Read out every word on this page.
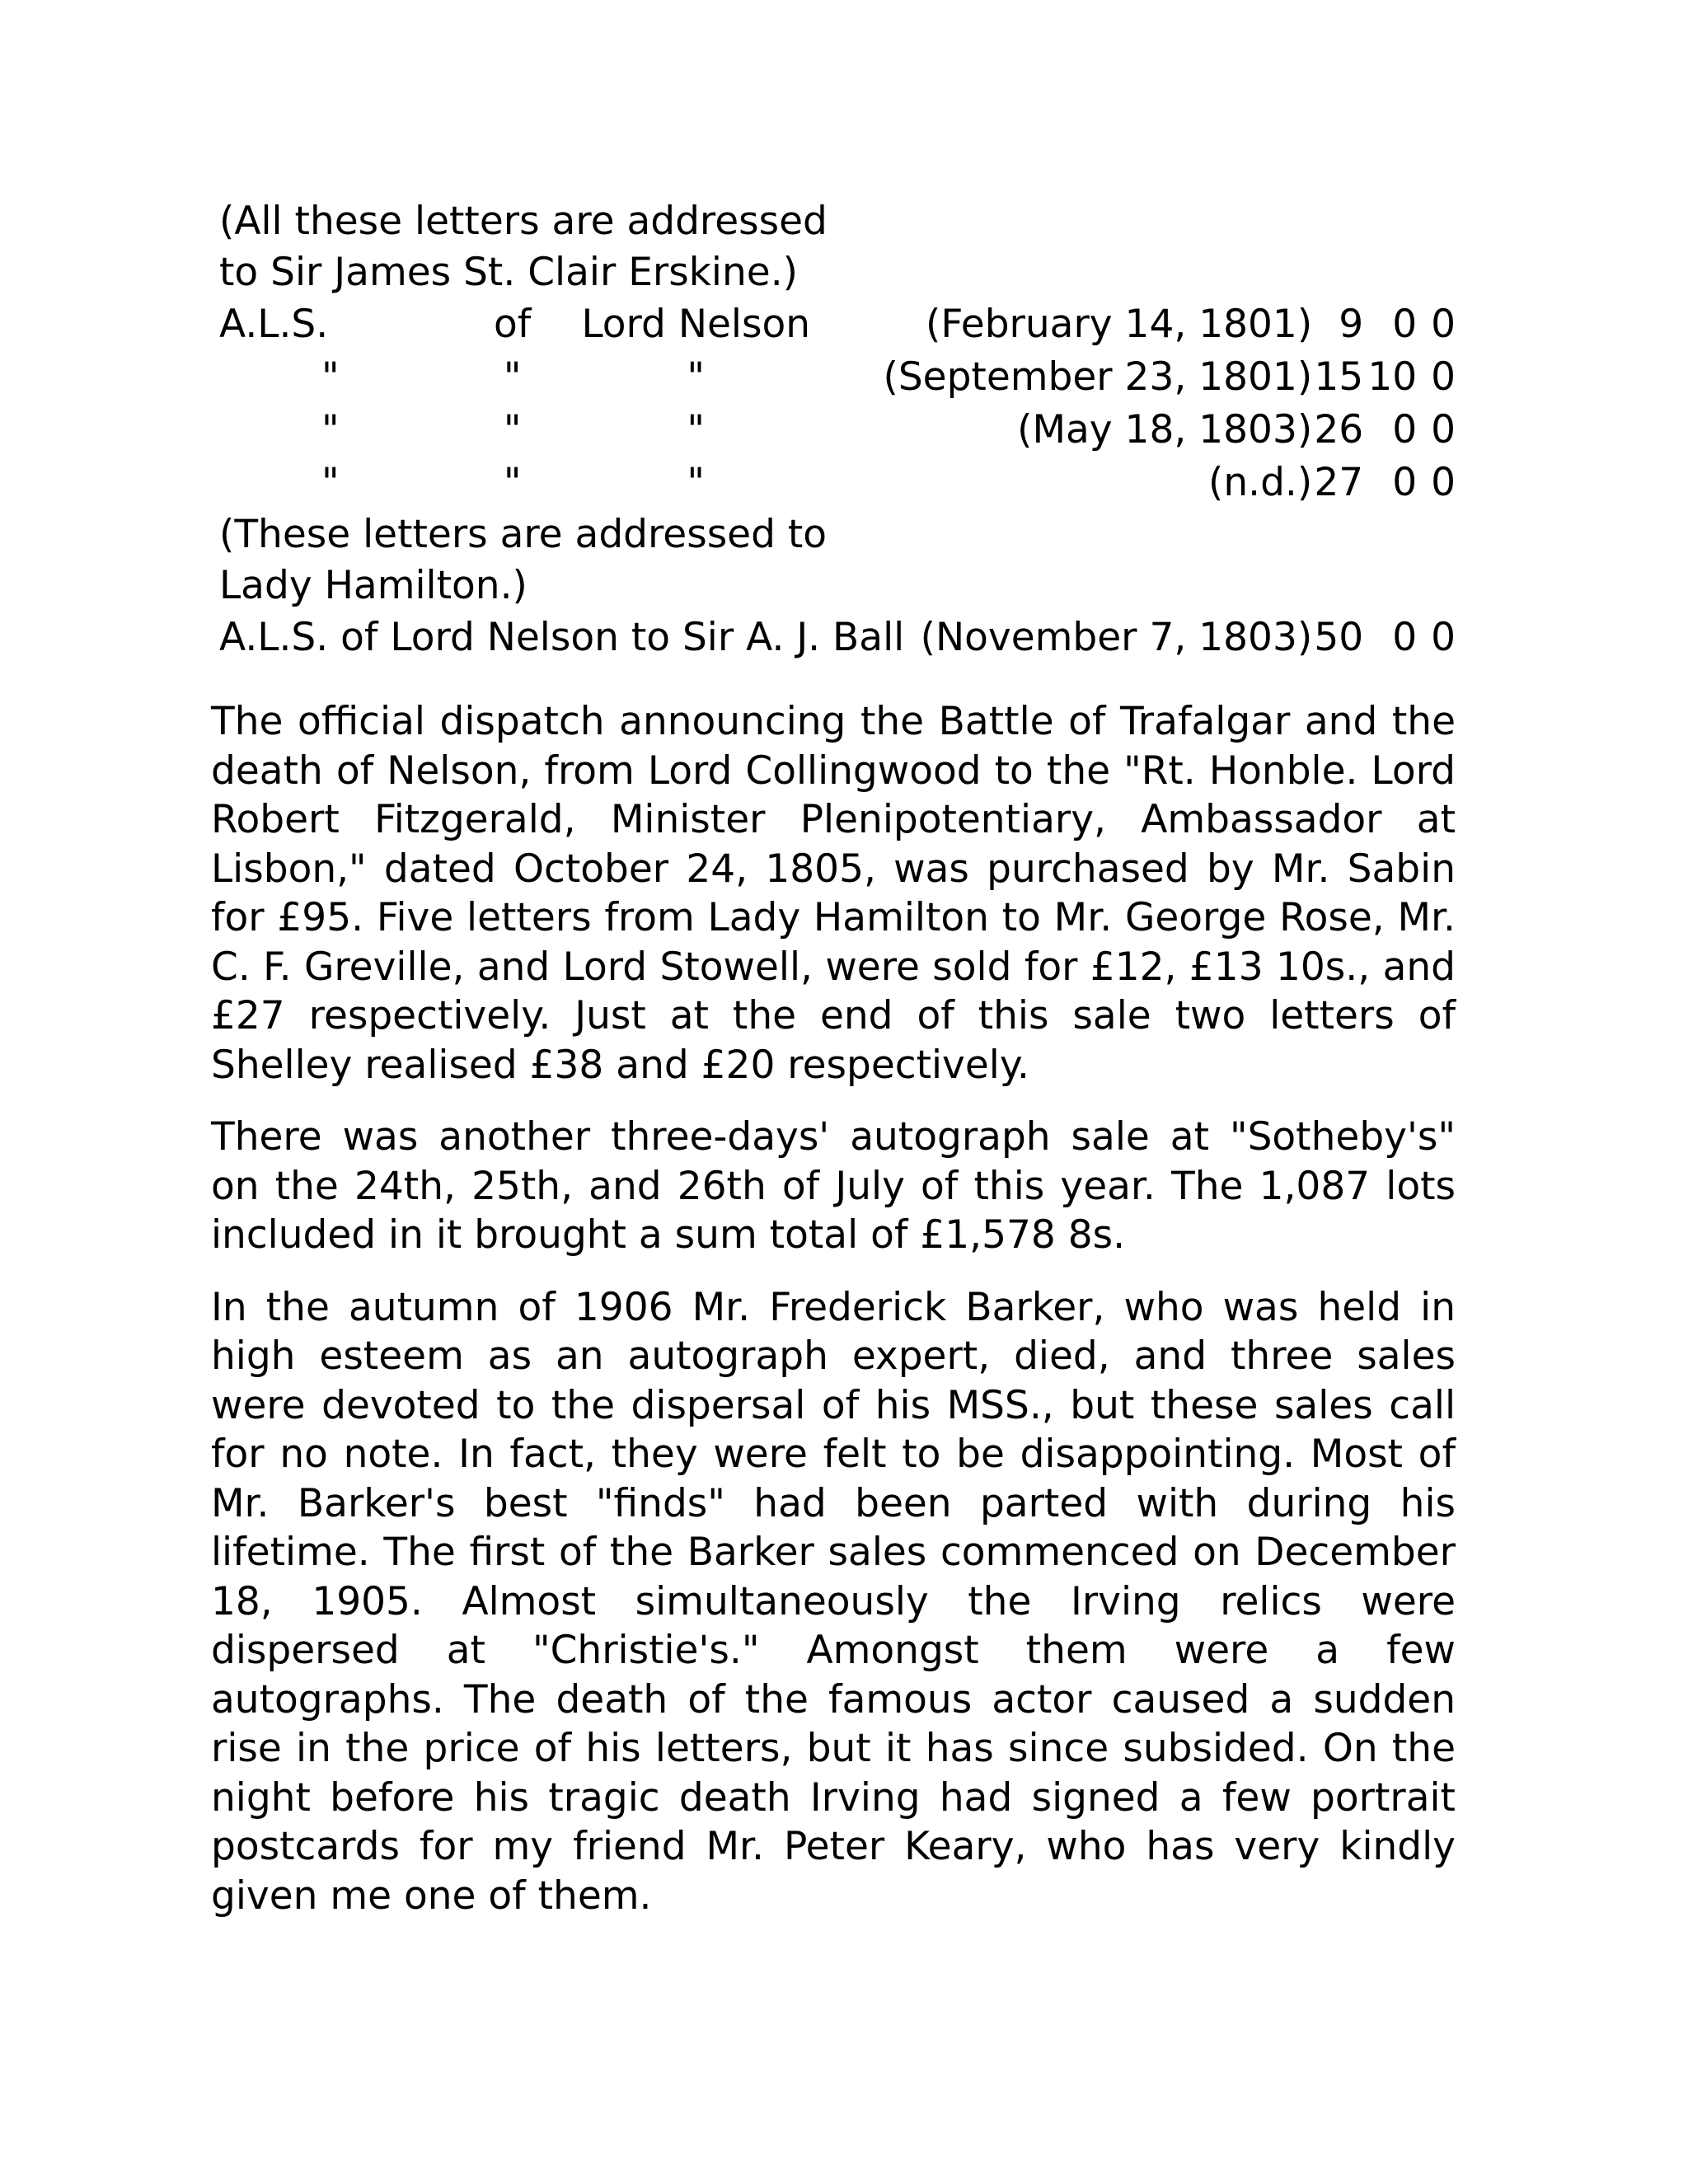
(All these letters are addressed to Sir James St. Clair Erskine.)						
A.L.S.	of	Lord Nelson	(February 14, 1801)	9	0	0
"	"	"	(September 23, 1801)	15	10	0
"	"	"	(May 18, 1803)	26	0	0
"	"	"	(n.d.)	27	0	0
(These letters are addressed to Lady Hamilton.)						
A.L.S. of Lord Nelson to Sir A. J. Ball			(November 7, 1803)	50	0	0

The official dispatch announcing the Battle of Trafalgar and the death of Nelson, from Lord Collingwood to the "Rt. Honble. Lord Robert Fitzgerald, Minister Plenipotentiary, Ambassador at Lisbon," dated October 24, 1805, was purchased by Mr. Sabin for £95. Five letters from Lady Hamilton to Mr. George Rose, Mr. C. F. Greville, and Lord Stowell, were sold for £12, £13 10s., and £27 respectively. Just at the end of this sale two letters of Shelley realised £38 and £20 respectively.

There was another three-days' autograph sale at "Sotheby's" on the 24th, 25th, and 26th of July of this year. The 1,087 lots included in it brought a sum total of £1,578 8s.

In the autumn of 1906 Mr. Frederick Barker, who was held in high esteem as an autograph expert, died, and three sales were devoted to the dispersal of his MSS., but these sales call for no note. In fact, they were felt to be disappointing. Most of Mr. Barker's best "finds" had been parted with during his lifetime. The first of the Barker sales commenced on December 18, 1905. Almost simultaneously the Irving relics were dispersed at "Christie's." Amongst them were a few autographs. The death of the famous actor caused a sudden rise in the price of his letters, but it has since subsided. On the night before his tragic death Irving had signed a few portrait postcards for my friend Mr. Peter Keary, who has very kindly given me one of them.
